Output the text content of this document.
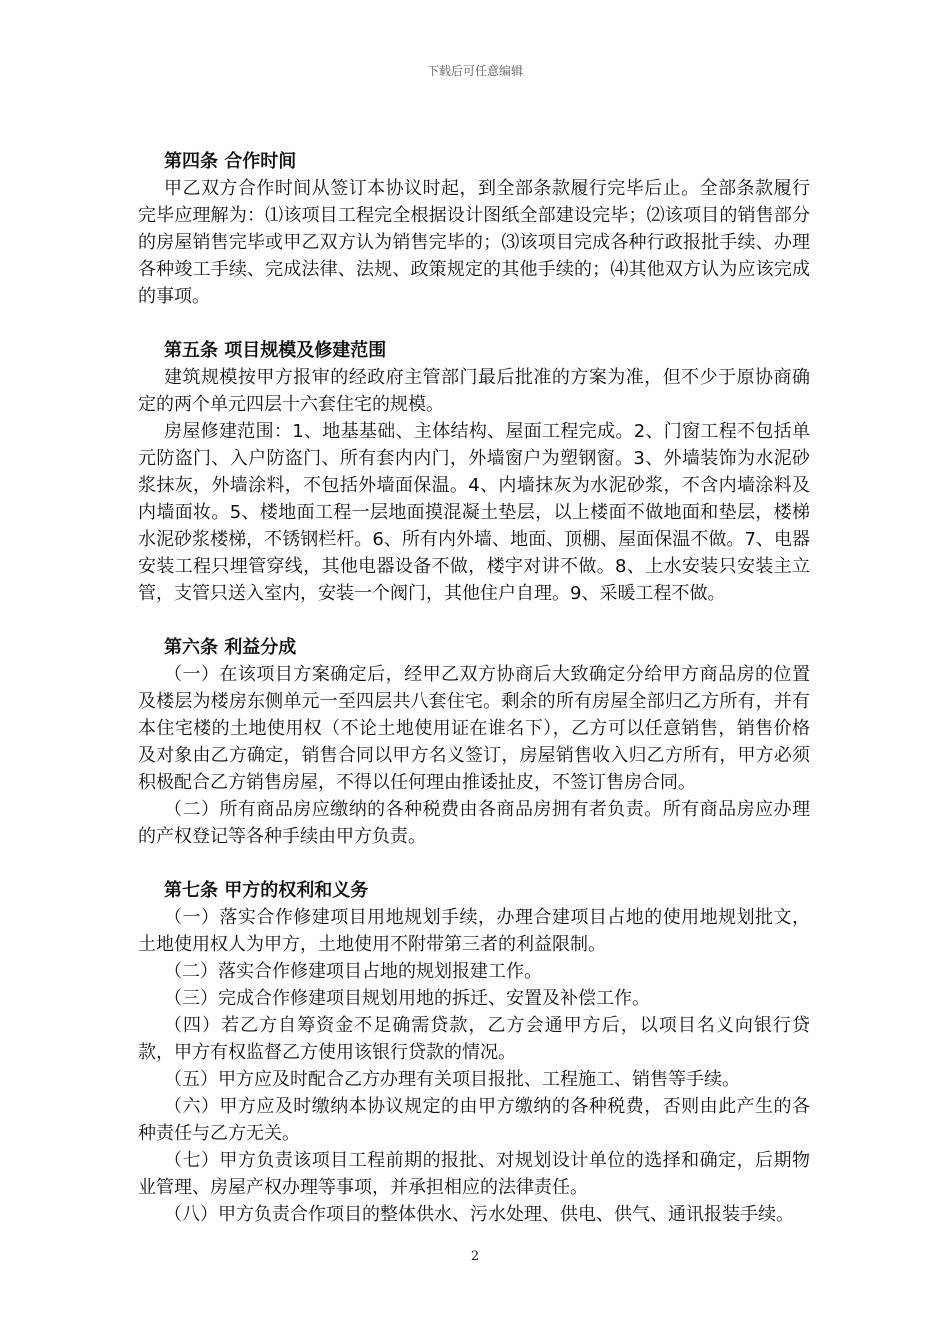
下载后可任意编辑

第四条 合作时间

甲乙双方合作时间从签订本协议时起，到全部条款履行完毕后止。全部条款履行完毕应理解为：⑴该项目工程完全根据设计图纸全部建设完毕；⑵该项目的销售部分的房屋销售完毕或甲乙双方认为销售完毕的；⑶该项目完成各种行政报批手续、办理各种竣工手续、完成法律、法规、政策规定的其他手续的；⑷其他双方认为应该完成的事项。

第五条 项目规模及修建范围

建筑规模按甲方报审的经政府主管部门最后批准的方案为准，但不少于原协商确定的两个单元四层十六套住宅的规模。

房屋修建范围：1、地基基础、主体结构、屋面工程完成。2、门窗工程不包括单元防盗门、入户防盗门、所有套内内门，外墙窗户为塑钢窗。3、外墙装饰为水泥砂浆抹灰，外墙涂料，不包括外墙面保温。4、内墙抹灰为水泥砂浆，不含内墙涂料及内墙面妆。5、楼地面工程一层地面摸混凝土垫层，以上楼面不做地面和垫层，楼梯水泥砂浆楼梯，不锈钢栏杆。6、所有内外墙、地面、顶棚、屋面保温不做。7、电器安装工程只埋管穿线，其他电器设备不做，楼宇对讲不做。8、上水安装只安装主立管，支管只送入室内，安装一个阀门，其他住户自理。9、采暖工程不做。

第六条 利益分成

（一）在该项目方案确定后，经甲乙双方协商后大致确定分给甲方商品房的位置及楼层为楼房东侧单元一至四层共八套住宅。剩余的所有房屋全部归乙方所有，并有本住宅楼的土地使用权（不论土地使用证在谁名下），乙方可以任意销售，销售价格及对象由乙方确定，销售合同以甲方名义签订，房屋销售收入归乙方所有，甲方必须积极配合乙方销售房屋，不得以任何理由推诿扯皮，不签订售房合同。

（二）所有商品房应缴纳的各种税费由各商品房拥有者负责。所有商品房应办理的产权登记等各种手续由甲方负责。

第七条 甲方的权利和义务

（一）落实合作修建项目用地规划手续，办理合建项目占地的使用地规划批文，土地使用权人为甲方，土地使用不附带第三者的利益限制。

（二）落实合作修建项目占地的规划报建工作。

（三）完成合作修建项目规划用地的拆迁、安置及补偿工作。

（四）若乙方自筹资金不足确需贷款，乙方会通甲方后，以项目名义向银行贷款，甲方有权监督乙方使用该银行贷款的情况。

（五）甲方应及时配合乙方办理有关项目报批、工程施工、销售等手续。

（六）甲方应及时缴纳本协议规定的由甲方缴纳的各种税费，否则由此产生的各种责任与乙方无关。

（七）甲方负责该项目工程前期的报批、对规划设计单位的选择和确定，后期物业管理、房屋产权办理等事项，并承担相应的法律责任。

（八）甲方负责合作项目的整体供水、污水处理、供电、供气、通讯报装手续。

2
